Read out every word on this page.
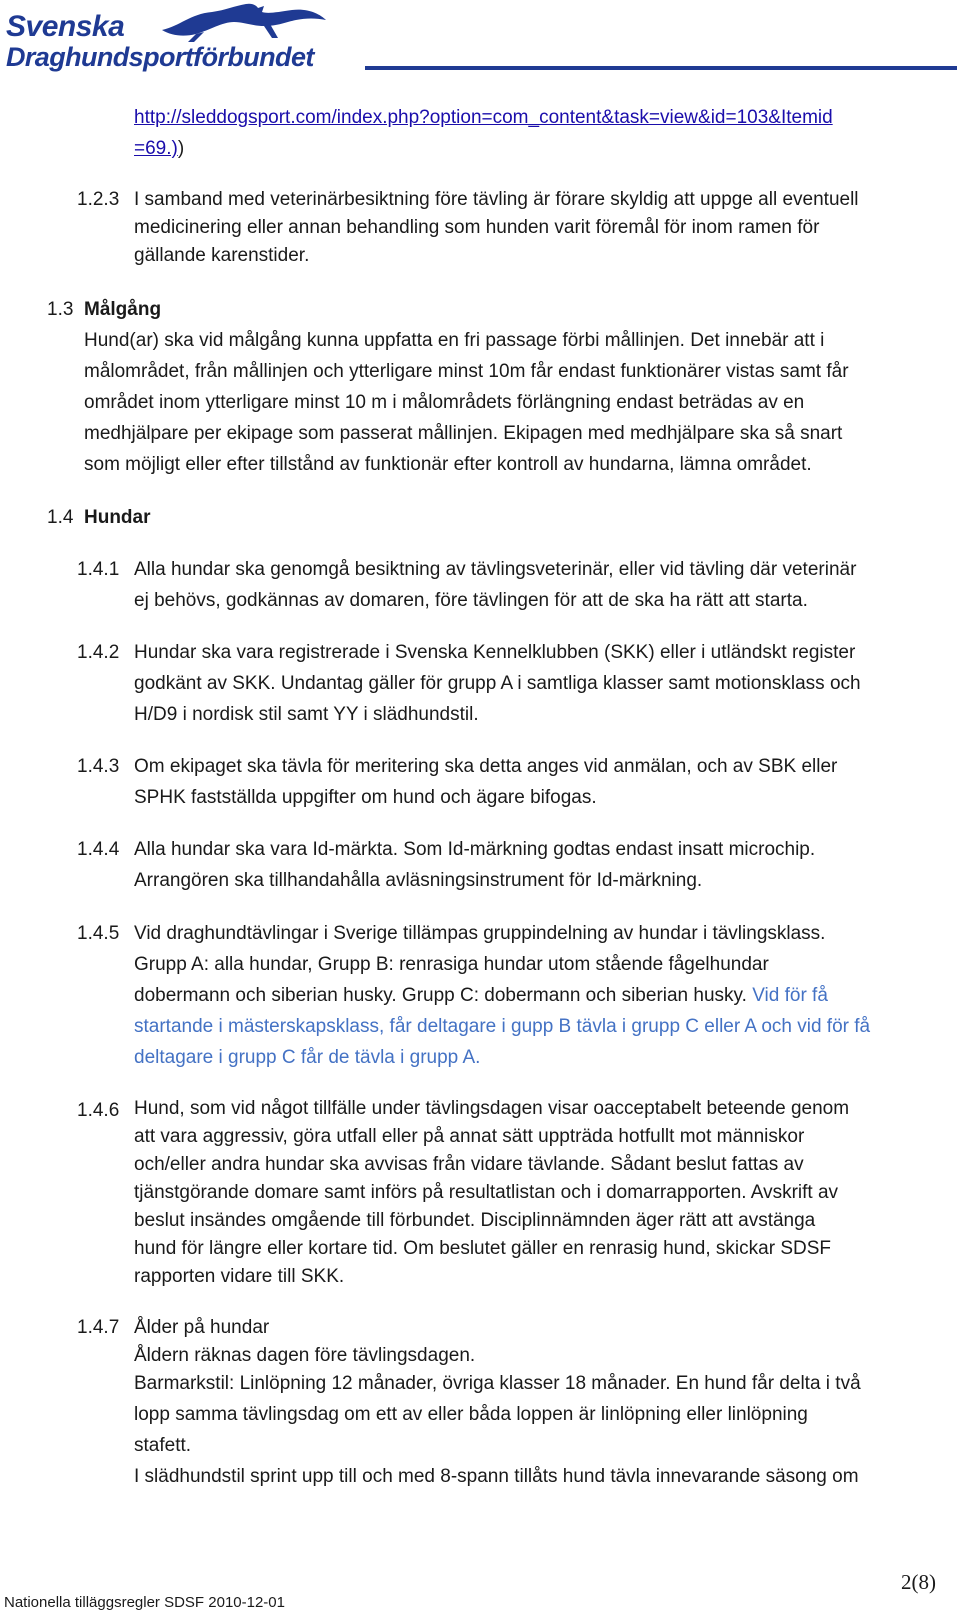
Svenska
Draghundsportförbundet
http://sleddogsport.com/index.php?option=com_content&task=view&id=103&Itemid
=69.))
1.2.3 I samband med veterinärbesiktning före tävling är förare skyldig att uppge all eventuell
medicinering eller annan behandling som hunden varit föremål för inom ramen för
gällande karenstider.
1.3 Målgång
Hund(ar) ska vid målgång kunna uppfatta en fri passage förbi mållinjen. Det innebär att i
målområdet, från mållinjen och ytterligare minst 10m får endast funktionärer vistas samt får
området inom ytterligare minst 10 m i målområdets förlängning endast beträdas av en
medhjälpare per ekipage som passerat mållinjen. Ekipagen med medhjälpare ska så snart
som möjligt eller efter tillstånd av funktionär efter kontroll av hundarna, lämna området.
1.4 Hundar
1.4.1 Alla hundar ska genomgå besiktning av tävlingsveterinär, eller vid tävling där veterinär
ej behövs, godkännas av domaren, före tävlingen för att de ska ha rätt att starta.
1.4.2 Hundar ska vara registrerade i Svenska Kennelklubben (SKK) eller i utländskt register
godkänt av SKK. Undantag gäller för grupp A i samtliga klasser samt motionsklass och
H/D9 i nordisk stil samt YY i slädhundstil.
1.4.3 Om ekipaget ska tävla för meritering ska detta anges vid anmälan, och av SBK eller
SPHK fastställda uppgifter om hund och ägare bifogas.
1.4.4 Alla hundar ska vara Id-märkta. Som Id-märkning godtas endast insatt microchip.
Arrangören ska tillhandahålla avläsningsinstrument för Id-märkning.
1.4.5 Vid draghundtävlingar i Sverige tillämpas gruppindelning av hundar i tävlingsklass.
Grupp A: alla hundar, Grupp B: renrasiga hundar utom stående fågelhundar
dobermann och siberian husky. Grupp C: dobermann och siberian husky. Vid för få
startande i mästerskapsklass, får deltagare i gupp B tävla i grupp C eller A och vid för få
deltagare i grupp C får de tävla i grupp A.
1.4.6 Hund, som vid något tillfälle under tävlingsdagen visar oacceptabelt beteende genom
att vara aggressiv, göra utfall eller på annat sätt uppträda hotfullt mot människor
och/eller andra hundar ska avvisas från vidare tävlande. Sådant beslut fattas av
tjänstgörande domare samt införs på resultatlistan och i domarrapporten. Avskrift av
beslut insändes omgående till förbundet. Disciplinnämnden äger rätt att avstänga
hund för längre eller kortare tid. Om beslutet gäller en renrasig hund, skickar SDSF
rapporten vidare till SKK.
1.4.7 Ålder på hundar
Åldern räknas dagen före tävlingsdagen.
Barmarkstil: Linlöpning 12 månader, övriga klasser 18 månader. En hund får delta i två
lopp samma tävlingsdag om ett av eller båda loppen är linlöpning eller linlöpning
stafett.
I slädhundstil sprint upp till och med 8-spann tillåts hund tävla innevarande säsong om
2(8)
Nationella tilläggsregler SDSF 2010-12-01
